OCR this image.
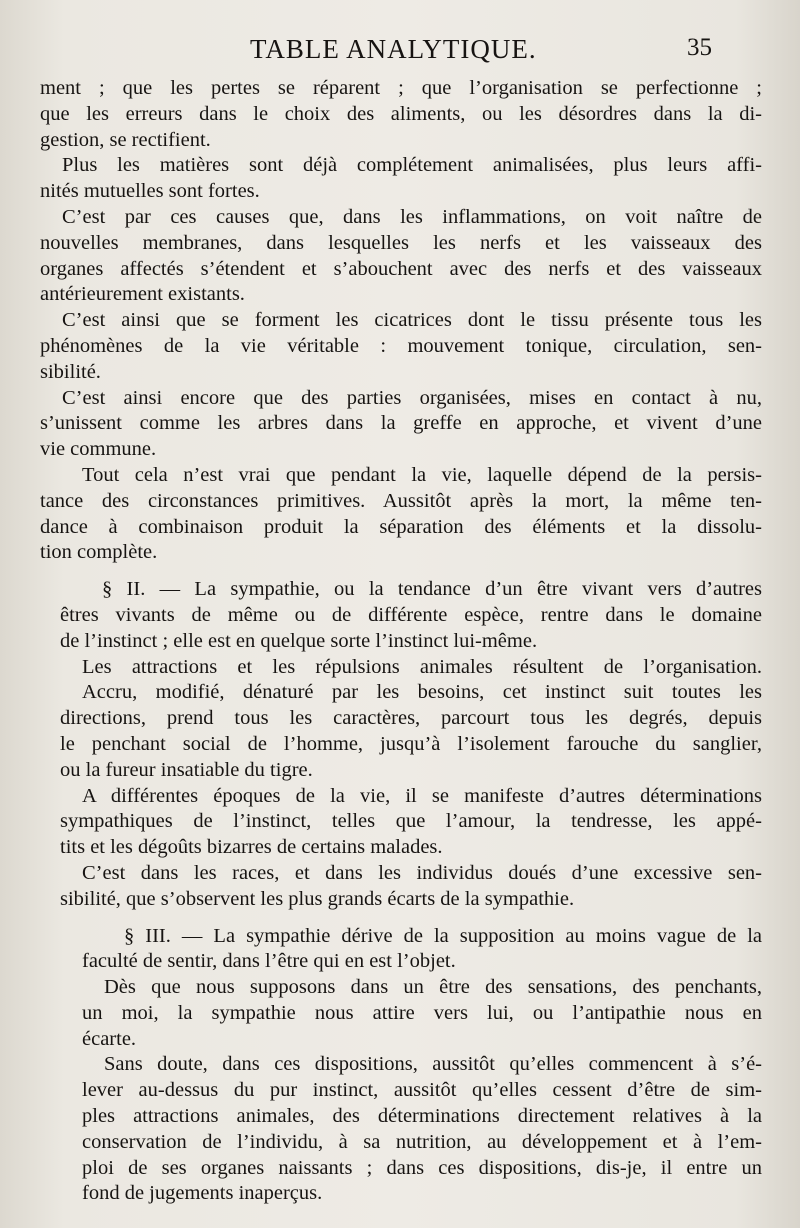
TABLE ANALYTIQUE.	35
ment ; que les pertes se réparent ; que l’organisation se perfectionne ;
que les erreurs dans le choix des aliments, ou les désordres dans la di-
gestion, se rectifient.
Plus les matières sont déjà complétement animalisées, plus leurs affi-
nités mutuelles sont fortes.
C’est par ces causes que, dans les inflammations, on voit naître de
nouvelles membranes, dans lesquelles les nerfs et les vaisseaux des
organes affectés s’étendent et s’abouchent avec des nerfs et des vaisseaux
antérieurement existants.
C’est ainsi que se forment les cicatrices dont le tissu présente tous les
phénomènes de la vie véritable : mouvement tonique, circulation, sen-
sibilité.
C’est ainsi encore que des parties organisées, mises en contact à nu,
s’unissent comme les arbres dans la greffe en approche, et vivent d’une
vie commune.
Tout cela n’est vrai que pendant la vie, laquelle dépend de la persis-
tance des circonstances primitives. Aussitôt après la mort, la même ten-
dance à combinaison produit la séparation des éléments et la dissolu-
tion complète.
§ II. — La sympathie, ou la tendance d’un être vivant vers d’autres
êtres vivants de même ou de différente espèce, rentre dans le domaine
de l’instinct ; elle est en quelque sorte l’instinct lui-même.
Les attractions et les répulsions animales résultent de l’organisation.
Accru, modifié, dénaturé par les besoins, cet instinct suit toutes les
directions, prend tous les caractères, parcourt tous les degrés, depuis
le penchant social de l’homme, jusqu’à l’isolement farouche du sanglier,
ou la fureur insatiable du tigre.
A différentes époques de la vie, il se manifeste d’autres déterminations
sympathiques de l’instinct, telles que l’amour, la tendresse, les appé-
tits et les dégoûts bizarres de certains malades.
C’est dans les races, et dans les individus doués d’une excessive sen-
sibilité, que s’observent les plus grands écarts de la sympathie.
§ III. — La sympathie dérive de la supposition au moins vague de la
faculté de sentir, dans l’être qui en est l’objet.
Dès que nous supposons dans un être des sensations, des penchants,
un moi, la sympathie nous attire vers lui, ou l’antipathie nous en
écarte.
Sans doute, dans ces dispositions, aussitôt qu’elles commencent à s’é-
lever au-dessus du pur instinct, aussitôt qu’elles cessent d’être de sim-
ples attractions animales, des déterminations directement relatives à la
conservation de l’individu, à sa nutrition, au développement et à l’em-
ploi de ses organes naissants ; dans ces dispositions, dis-je, il entre un
fond de jugements inaperçus.
